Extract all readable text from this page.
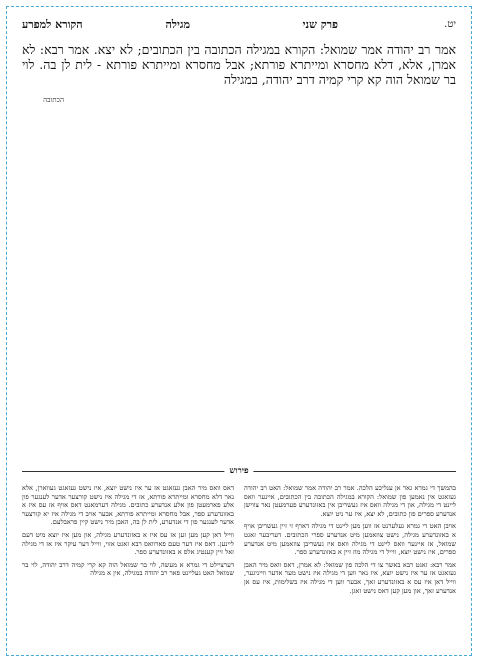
יט.
פרק שני
מגילה
הקורא למפרע
אמר רב יהודה אמר שמואל: הקורא במגילה הכתובה בין הכתובים; לא יצא. אמר רבא: לא אמרן, אלא, דלא מחסרא ומייתרא פורתא; אבל מחסרא ומייתרא פורתא - לית לן בה. לוי בר שמואל הוה קא קרי קמיה דרב יהודה, במגילה
הכתובה
פירוש

בהמשך די גמרא גאר אן ענליכע הלכה. אמר רב יהודה אמר שמואל: האט רב יהודה געזאגט אין נאמען פון שמואל: הקורא במגילה הכתובה בין הכתובים, איינער וואס ליינט די מגילה, און די מגילה וואס איז געשריבן אין באזונדערע פערמעטן נאר צווישן אנדערע ספרים פון כתובים, לא יצא, איז ער ניט יוצא.

אויבן האט די גמרא געלערנט אז ווען מען ליינט די מגילה דארף זי זיין געשריבן אויף א באזונדערע מגילה, נישט צוזאמען מיט אנדערע ספרי הכתובים. דעריבער זאגט שמואל, אז איינער וואס ליינט די מגילה וואס איז געשריבן צוזאמען מיט אנדערע ספרים, איז נישט יוצא, ווייל די מגילה מוז זיין א באזונדערע ספר.

אמר רבא: זאגט רבא באשר צו די הלכה פון שמואל: לא אמרן, דאס וואס מיר האבן געזאגט אז ער איז נישט יוצא, איז נאר ווען די מגילה איז נישט מער אדער ווייניגער, ווייל דאן איז עס א באזונדערע זאך, אבער ווען די מגילה איז בשלימות, איז עס אן אנדערע זאך, און מען קען דאס נישט זאגן.

דאס וואס מיר האבן געזאגט אז ער איז נישט יוצא, איז נישט געזאגט געווארן, אלא נאר דלא מחסרא ומייתרא פורתא, אז די מגילה איז נישט קורצער אדער לענגער פון אלע פארמעטן פון אלע אנדערע כתובים. מגילה דערמאנט דאס אויף אז עס איז א באזונדערע ספר, אבל מחסרא ומייתרא פורתא, אבער אויב די מגילה איז יא קורצער אדער לענגער פון די אנדערע, לית לן בה, האבן מיר נישט קיין פראבלעם.

ווייל דאן קען מען זען אז עס איז א באזונדערע מגילה, און מען איז יוצא מיט דעם ליינען. דאס איז דער טעם פארוואס רבא זאגט אזוי, ווייל דער עיקר איז אז די מגילה זאל זיין קענטיג אלס א באזונדערע ספר.

דערציילט די גמרא א מעשה, לוי בר שמואל הוה קא קרי קמיה דרב יהודה, לוי בר שמואל האט געליינט פאר רב יהודה במגילה, אין א מגילה
